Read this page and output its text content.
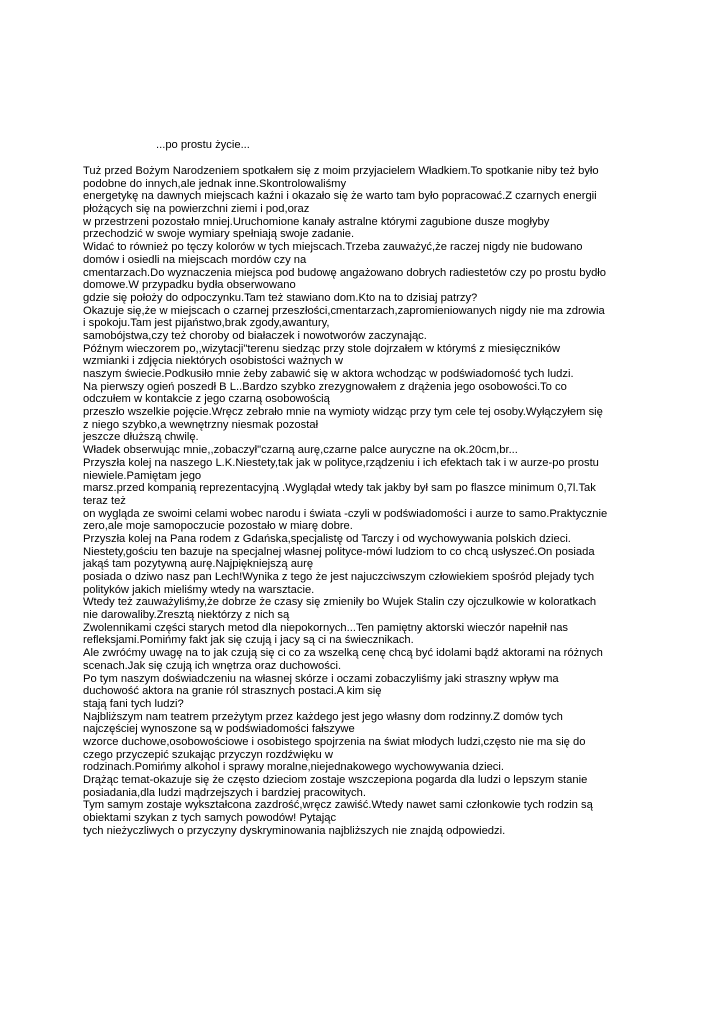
...po prostu życie...
Tuż przed Bożym Narodzeniem spotkałem się z moim przyjacielem Władkiem.To spotkanie niby też było
podobne do innych,ale jednak inne.Skontrolowaliśmy
energetykę na dawnych miejscach kaźni i okazało się że warto tam było popracować.Z czarnych energii
płożących się na powierzchni ziemi i pod,oraz
w przestrzeni pozostało mniej.Uruchomione kanały astralne którymi zagubione dusze mogłyby
przechodzić w swoje wymiary spełniają swoje zadanie.
Widać to również po tęczy kolorów w tych miejscach.Trzeba zauważyć,że raczej nigdy nie budowano
domów i osiedli na miejscach mordów czy na
cmentarzach.Do wyznaczenia miejsca pod budowę angażowano dobrych radiestetów czy po prostu bydło
domowe.W przypadku bydła obserwowano
gdzie się położy do odpoczynku.Tam też stawiano dom.Kto na to dzisiaj patrzy?
Okazuje się,że w miejscach o czarnej przeszłości,cmentarzach,zapromieniowanych nigdy nie ma zdrowia
i spokoju.Tam jest pijaństwo,brak zgody,awantury,
samobójstwa,czy też choroby od białaczek i nowotworów zaczynając.
Późnym wieczorem po,,wizytacji"terenu siedząc przy stole dojrzałem w którymś z miesięczników
wzmianki i zdjęcia niektórych osobistości ważnych w
naszym świecie.Podkusiło mnie żeby zabawić się w aktora wchodząc w podświadomość tych ludzi.
Na pierwszy ogień poszedł B L..Bardzo szybko zrezygnowałem z drążenia jego osobowości.To co
odczułem w kontakcie z jego czarną osobowością
przeszło wszelkie pojęcie.Wręcz zebrało mnie na wymioty widząc przy tym cele tej osoby.Wyłączyłem się
z niego szybko,a wewnętrzny niesmak pozostał
jeszcze dłuższą chwilę.
Władek obserwując mnie,,zobaczył"czarną aurę,czarne palce auryczne na ok.20cm,br...
Przyszła kolej na naszego L.K.Niestety,tak jak w polityce,rządzeniu i ich efektach tak i w aurze-po prostu
niewiele.Pamiętam jego
marsz.przed kompanią reprezentacyjną .Wyglądał wtedy tak jakby był sam po flaszce minimum 0,7l.Tak
teraz też
on wygląda ze swoimi celami wobec narodu i świata -czyli w podświadomości i aurze to samo.Praktycznie
zero,ale moje samopoczucie pozostało w miarę dobre.
Przyszła kolej na Pana rodem z Gdańska,specjalistę od Tarczy i od wychowywania polskich dzieci.
Niestety,gościu ten bazuje na specjalnej własnej polityce-mówi ludziom to co chcą usłyszeć.On posiada
jakąś tam pozytywną aurę.Najpiękniejszą aurę
posiada o dziwo nasz pan Lech!Wynika z tego że jest najuczciwszym człowiekiem spośród plejady tych
polityków jakich mieliśmy wtedy na warsztacie.
Wtedy też zauważyliśmy,że dobrze że czasy się zmieniły bo Wujek Stalin czy ojczulkowie w koloratkach
nie darowaliby.Zresztą niektórzy z nich są
Zwolennikami części starych metod dla niepokornych...Ten pamiętny aktorski wieczór napełnił nas
refleksjami.Pomińmy fakt jak się czują i jacy są ci na świecznikach.
Ale zwróćmy uwagę na to jak czują się ci co za wszelką cenę chcą być idolami bądź aktorami na różnych
scenach.Jak się czują ich wnętrza oraz duchowości.
Po tym naszym doświadczeniu na własnej skórze i oczami zobaczyliśmy jaki straszny wpływ ma
duchowość aktora na granie ról strasznych postaci.A kim się
stają fani tych ludzi?
Najbliższym nam teatrem przeżytym przez każdego jest jego własny dom rodzinny.Z domów tych
najczęściej wynoszone są w podświadomości fałszywe
wzorce duchowe,osobowościowe i osobistego spojrzenia na świat młodych ludzi,często nie ma się do
czego przyczepić szukając przyczyn rozdźwięku w
rodzinach.Pomińmy alkohol i sprawy moralne,niejednakowego wychowywania dzieci.
Drążąc temat-okazuje się że często dzieciom zostaje wszczepiona pogarda dla ludzi o lepszym stanie
posiadania,dla ludzi mądrzejszych i bardziej pracowitych.
Tym samym zostaje wykształcona zazdrość,wręcz zawiść.Wtedy nawet sami członkowie tych rodzin są
obiektami szykan z tych samych powodów! Pytając
tych nieżyczliwych o przyczyny dyskryminowania najbliższych nie znajdą odpowiedzi.
